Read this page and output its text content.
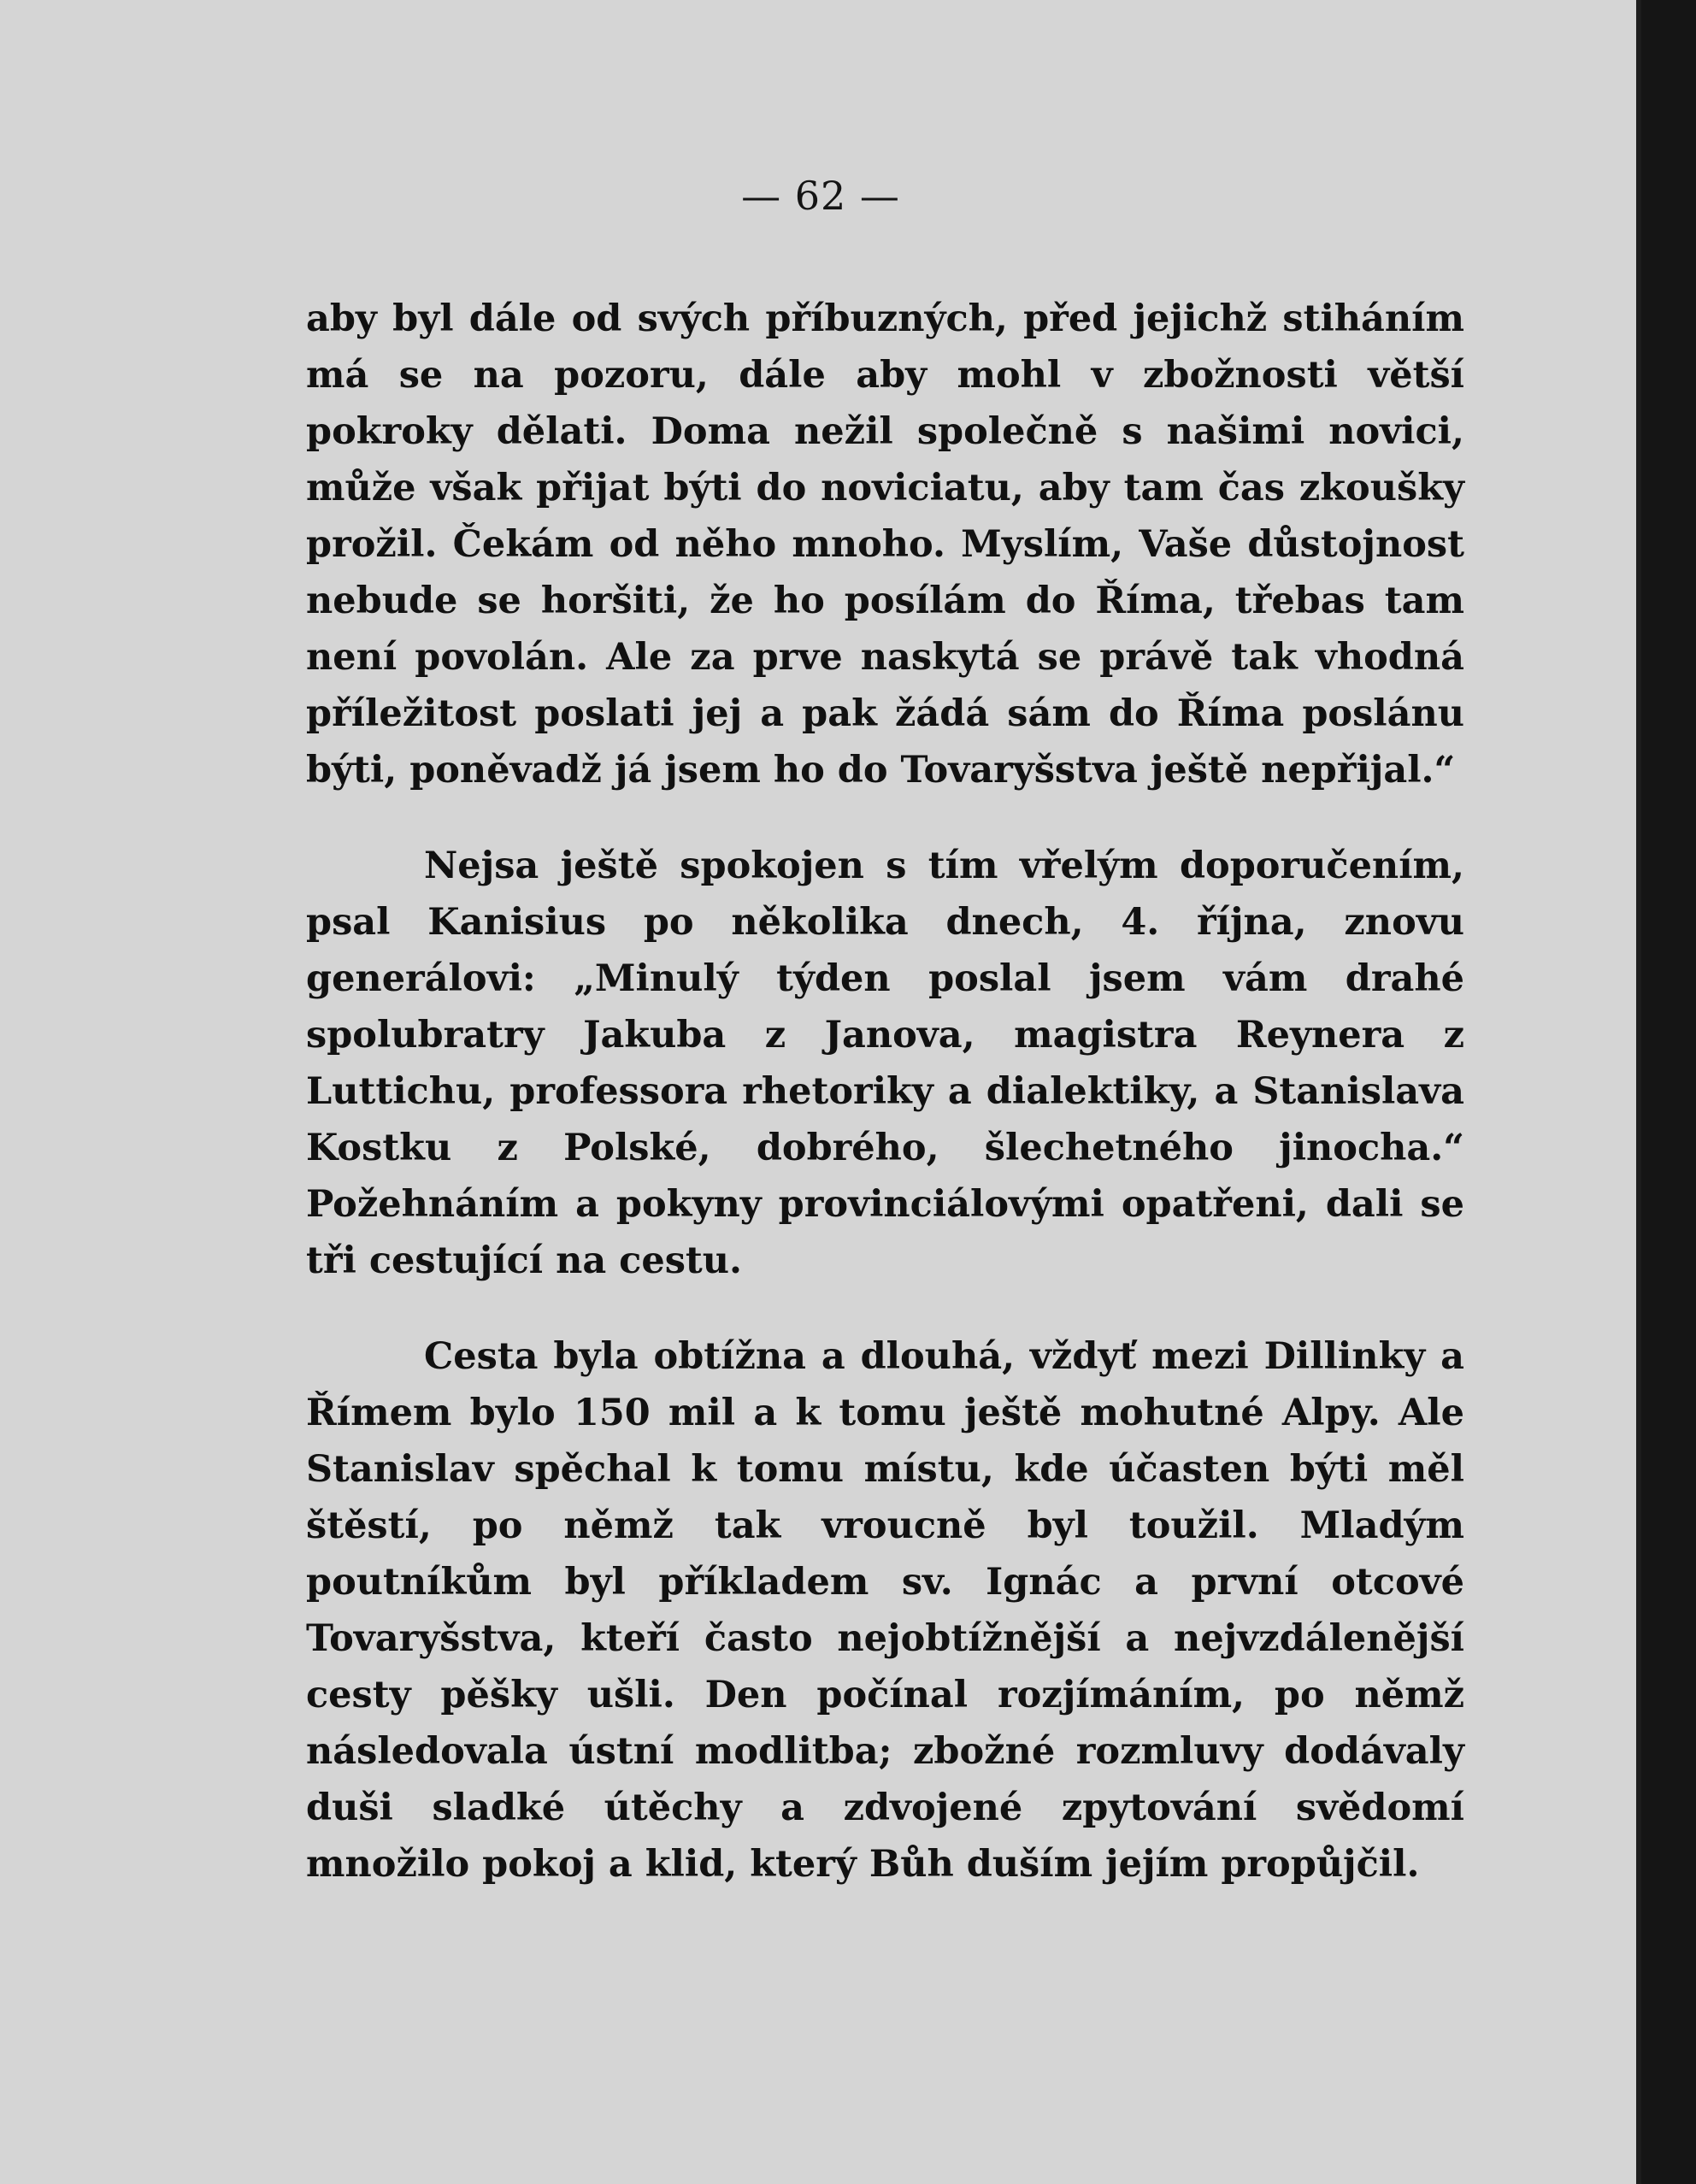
— 62 —

aby byl dále od svých příbuzných, před jejichž stiháním má se na pozoru, dále aby mohl v zbožnosti větší pokroky dělati. Doma nežil společně s našimi novici, může však přijat býti do noviciatu, aby tam čas zkoušky prožil. Čekám od něho mnoho. Myslím, Vaše důstojnost nebude se horšiti, že ho posílám do Říma, třebas tam není povolán. Ale za prve naskytá se právě tak vhodná příležitost poslati jej a pak žádá sám do Říma poslánu býti, poněvadž já jsem ho do Tovaryšstva ještě nepřijal.“

Nejsa ještě spokojen s tím vřelým doporučením, psal Kanisius po několika dnech, 4. října, znovu generálovi: „Minulý týden poslal jsem vám drahé spolubratry Jakuba z Janova, magistra Reynera z Luttichu, professora rhetoriky a dialektiky, a Stanislava Kostku z Polské, dobrého, šlechetného jinocha.“ Požehnáním a pokyny provinciálovými opatřeni, dali se tři cestující na cestu.

Cesta byla obtížna a dlouhá, vždyť mezi Dillinky a Římem bylo 150 mil a k tomu ještě mohutné Alpy. Ale Stanislav spěchal k tomu místu, kde účasten býti měl štěstí, po němž tak vroucně byl toužil. Mladým poutníkům byl příkladem sv. Ignác a první otcové Tovaryšstva, kteří často nejobtížnější a nejvzdálenější cesty pěšky ušli. Den počínal rozjímáním, po němž následovala ústní modlitba; zbožné rozmluvy dodávaly duši sladké útěchy a zdvojené zpytování svědomí množilo pokoj a klid, který Bůh duším jejím propůjčil.
